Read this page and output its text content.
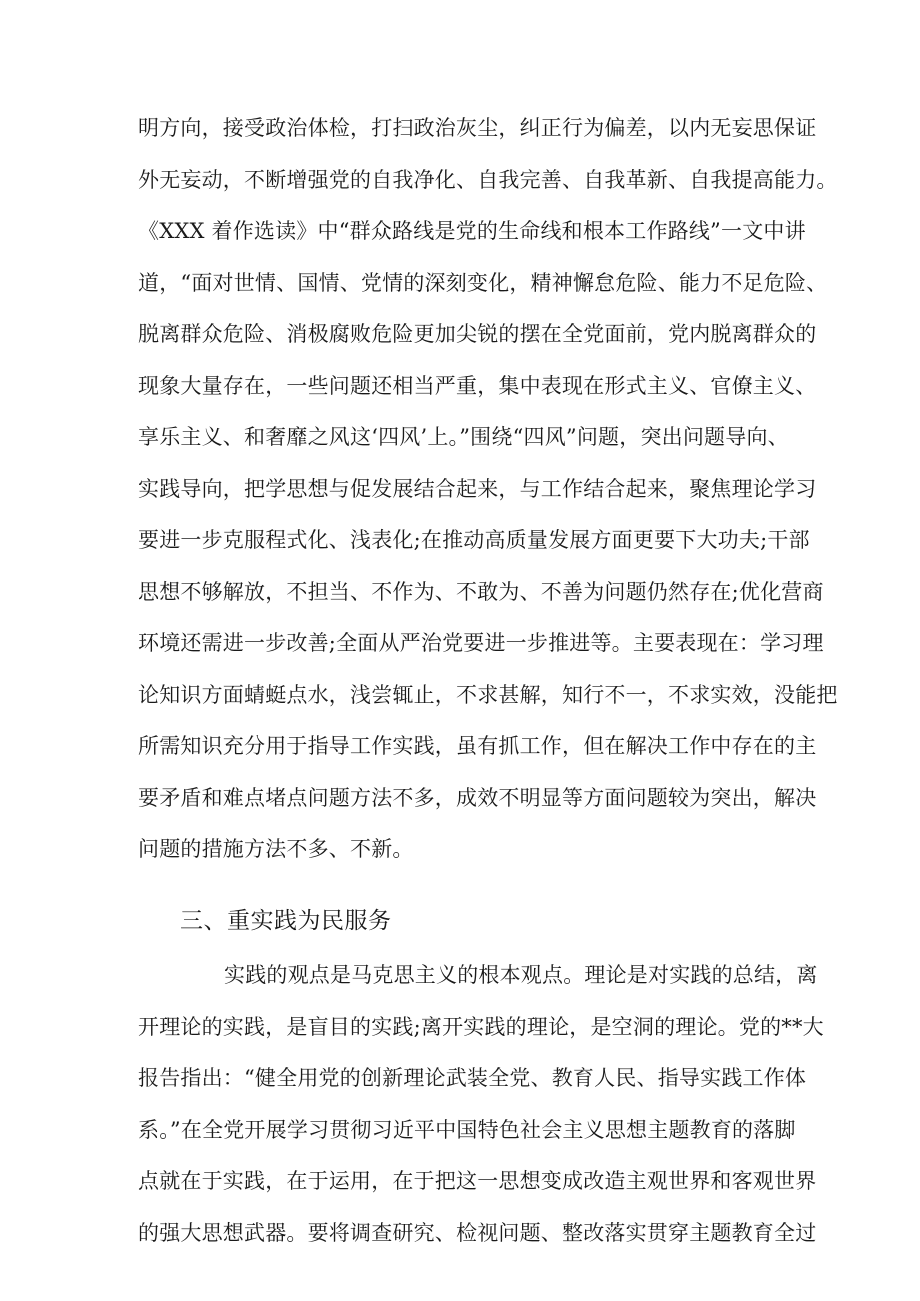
明方向，接受政治体检，打扫政治灰尘，纠正行为偏差，以内无妄思保证
外无妄动，不断增强党的自我净化、自我完善、自我革新、自我提高能力。
《XXX 着作选读》中“群众路线是党的生命线和根本工作路线”一文中讲
道，“面对世情、国情、党情的深刻变化，精神懈怠危险、能力不足危险、
脱离群众危险、消极腐败危险更加尖锐的摆在全党面前，党内脱离群众的
现象大量存在，一些问题还相当严重，集中表现在形式主义、官僚主义、
享乐主义、和奢靡之风这‘四风’上。”围绕“四风”问题，突出问题导向、
实践导向，把学思想与促发展结合起来，与工作结合起来，聚焦理论学习
要进一步克服程式化、浅表化;在推动高质量发展方面更要下大功夫;干部
思想不够解放，不担当、不作为、不敢为、不善为问题仍然存在;优化营商
环境还需进一步改善;全面从严治党要进一步推进等。主要表现在：学习理
论知识方面蜻蜓点水，浅尝辄止，不求甚解，知行不一，不求实效，没能把
所需知识充分用于指导工作实践，虽有抓工作，但在解决工作中存在的主
要矛盾和难点堵点问题方法不多，成效不明显等方面问题较为突出，解决
问题的措施方法不多、不新。
三、重实践为民服务
实践的观点是马克思主义的根本观点。理论是对实践的总结，离
开理论的实践，是盲目的实践;离开实践的理论，是空洞的理论。党的**大
报告指出：“健全用党的创新理论武装全党、教育人民、指导实践工作体
系。”在全党开展学习贯彻习近平中国特色社会主义思想主题教育的落脚
点就在于实践，在于运用，在于把这一思想变成改造主观世界和客观世界
的强大思想武器。要将调查研究、检视问题、整改落实贯穿主题教育全过
